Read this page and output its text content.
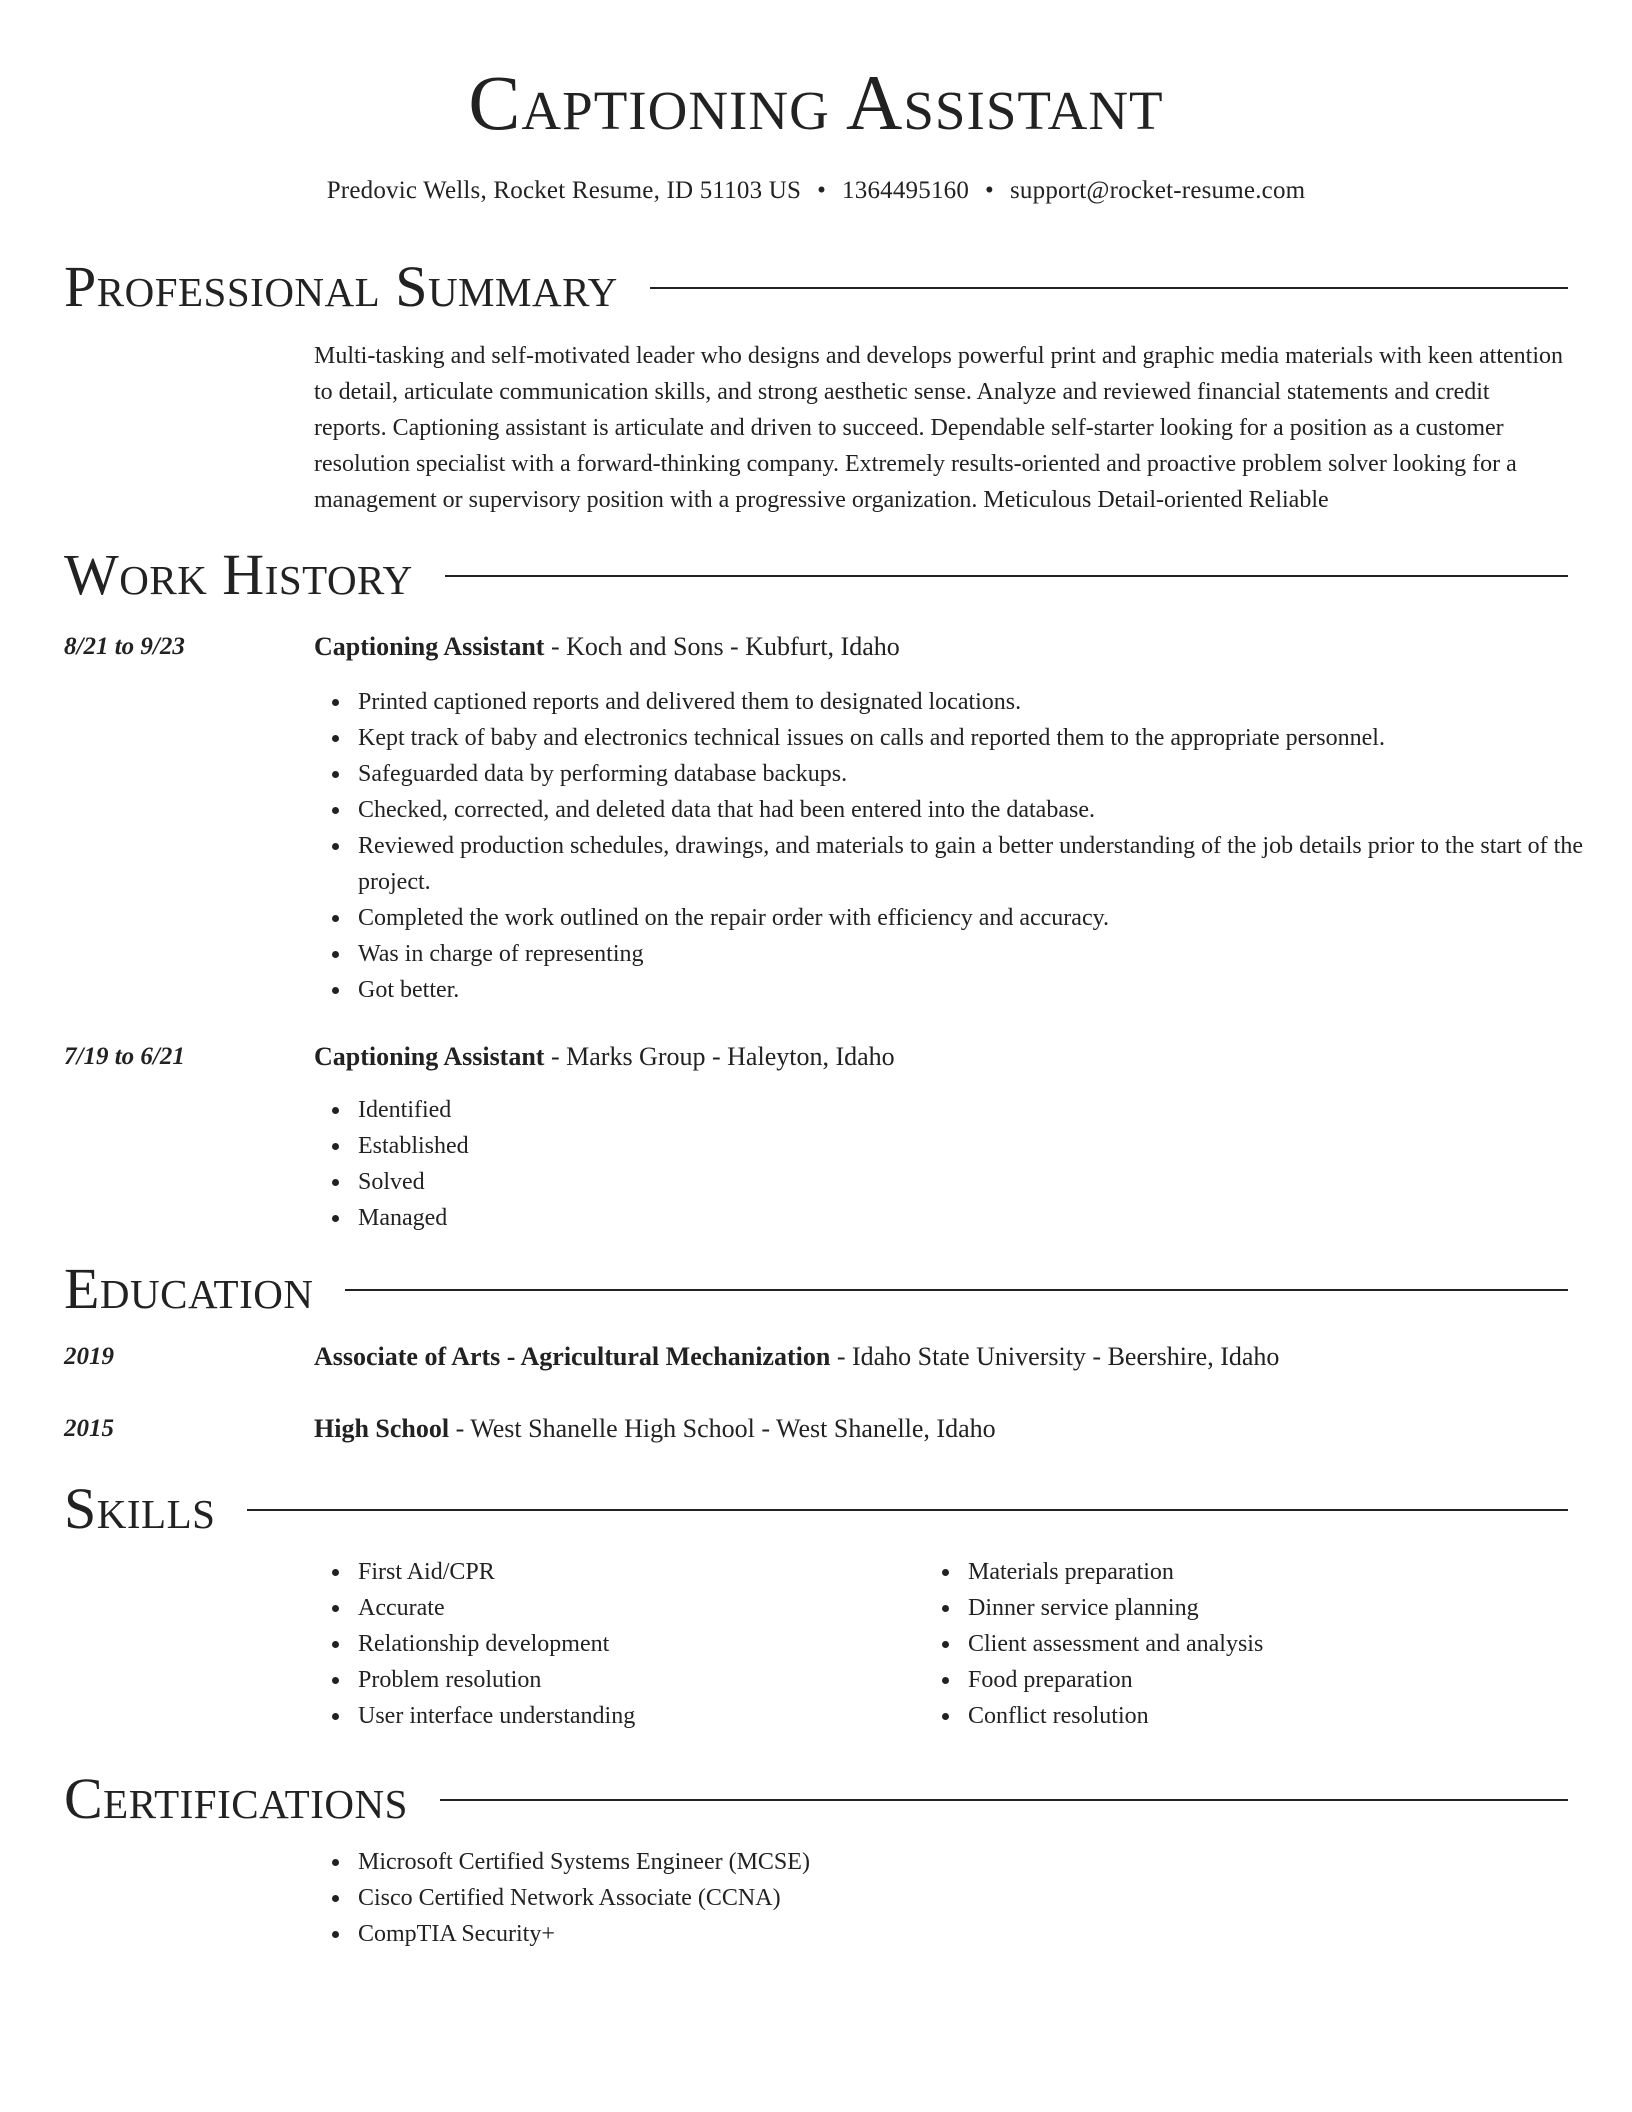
Captioning Assistant
Predovic Wells, Rocket Resume, ID 51103 US • 1364495160 • support@rocket-resume.com
Professional Summary

Multi-tasking and self-motivated leader who designs and develops powerful print and graphic media materials with keen attention to detail, articulate communication skills, and strong aesthetic sense. Analyze and reviewed financial statements and credit reports. Captioning assistant is articulate and driven to succeed. Dependable self-starter looking for a position as a customer resolution specialist with a forward-thinking company. Extremely results-oriented and proactive problem solver looking for a management or supervisory position with a progressive organization. Meticulous Detail-oriented Reliable

Work History
8/21 to 9/23	Captioning Assistant - Koch and Sons - Kubfurt, Idaho
Printed captioned reports and delivered them to designated locations.
Kept track of baby and electronics technical issues on calls and reported them to the appropriate personnel.
Safeguarded data by performing database backups.
Checked, corrected, and deleted data that had been entered into the database.
Reviewed production schedules, drawings, and materials to gain a better understanding of the job details prior to the start of the project.
Completed the work outlined on the repair order with efficiency and accuracy.
Was in charge of representing
Got better.
7/19 to 6/21	Captioning Assistant - Marks Group - Haleyton, Idaho
Identified
Established
Solved
Managed
Education
2019	Associate of Arts - Agricultural Mechanization - Idaho State University - Beershire, Idaho
2015	High School - West Shanelle High School - West Shanelle, Idaho
Skills
First Aid/CPR
Accurate
Relationship development
Problem resolution
User interface understanding
Materials preparation
Dinner service planning
Client assessment and analysis
Food preparation
Conflict resolution
Certifications
Microsoft Certified Systems Engineer (MCSE)
Cisco Certified Network Associate (CCNA)
CompTIA Security+
